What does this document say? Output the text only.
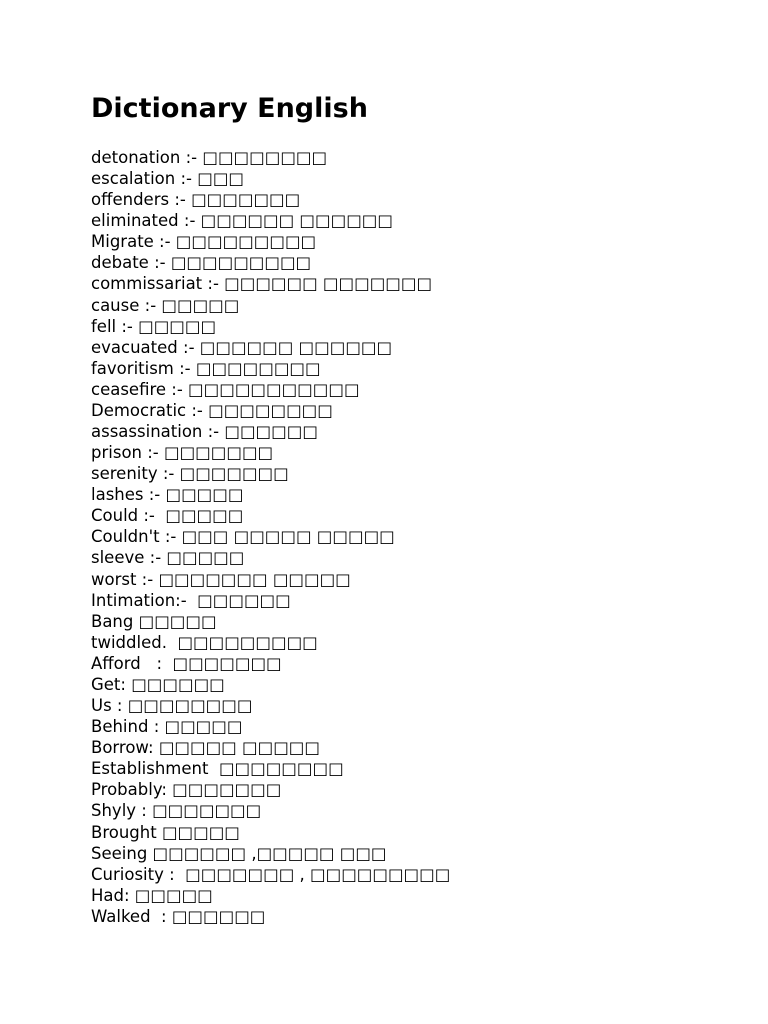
Dictionary English
detonation :- □□□□□□□□
escalation :- □□□
offenders :- □□□□□□□
eliminated :- □□□□□□ □□□□□□
Migrate :- □□□□□□□□□
debate :- □□□□□□□□□
commissariat :- □□□□□□ □□□□□□□
cause :- □□□□□
fell :- □□□□□
evacuated :- □□□□□□ □□□□□□
favoritism :- □□□□□□□□
ceasefire :- □□□□□□□□□□□
Democratic :- □□□□□□□□
assassination :- □□□□□□
prison :- □□□□□□□
serenity :- □□□□□□□
lashes :- □□□□□
Could :-  □□□□□
Couldn't :- □□□ □□□□□ □□□□□
sleeve :- □□□□□
worst :- □□□□□□□ □□□□□
Intimation:-  □□□□□□
Bang □□□□□
twiddled.  □□□□□□□□□
Afford   :  □□□□□□□
Get: □□□□□□
Us : □□□□□□□□
Behind : □□□□□
Borrow: □□□□□ □□□□□
Establishment  □□□□□□□□
Probably: □□□□□□□
Shyly : □□□□□□□
Brought □□□□□
Seeing □□□□□□ ,□□□□□ □□□
Curiosity :  □□□□□□□ , □□□□□□□□□
Had: □□□□□
Walked  : □□□□□□
